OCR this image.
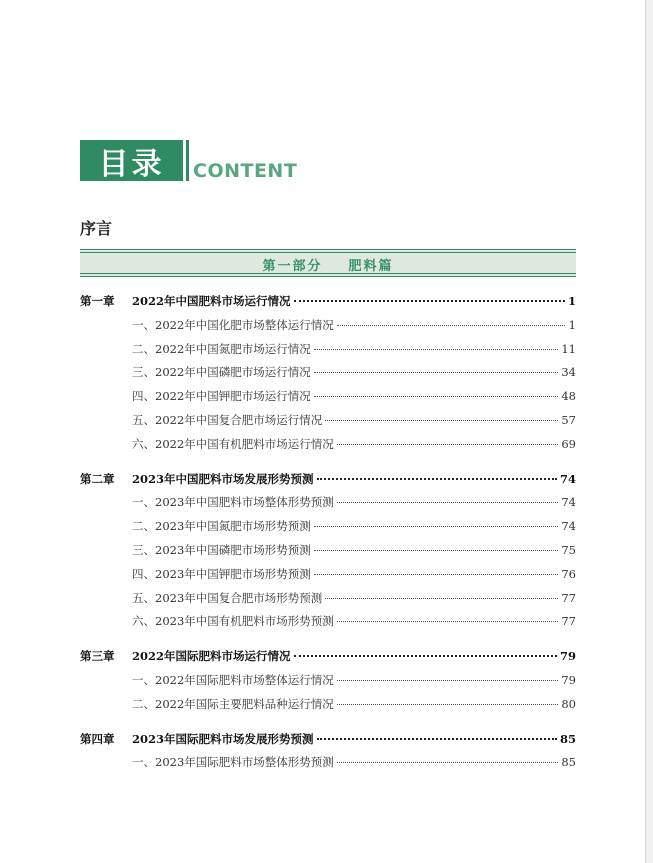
目录	CONTENT
序言
第一部分    肥料篇
第一章	2022年中国肥料市场运行情况	1
一、2022年中国化肥市场整体运行情况	1
二、2022年中国氮肥市场运行情况	11
三、2022年中国磷肥市场运行情况	34
四、2022年中国钾肥市场运行情况	48
五、2022年中国复合肥市场运行情况	57
六、2022年中国有机肥料市场运行情况	69
第二章	2023年中国肥料市场发展形势预测	74
一、2023年中国肥料市场整体形势预测	74
二、2023年中国氮肥市场形势预测	74
三、2023年中国磷肥市场形势预测	75
四、2023年中国钾肥市场形势预测	76
五、2023年中国复合肥市场形势预测	77
六、2023年中国有机肥料市场形势预测	77
第三章	2022年国际肥料市场运行情况	79
一、2022年国际肥料市场整体运行情况	79
二、2022年国际主要肥料品种运行情况	80
第四章	2023年国际肥料市场发展形势预测	85
一、2023年国际肥料市场整体形势预测	85
